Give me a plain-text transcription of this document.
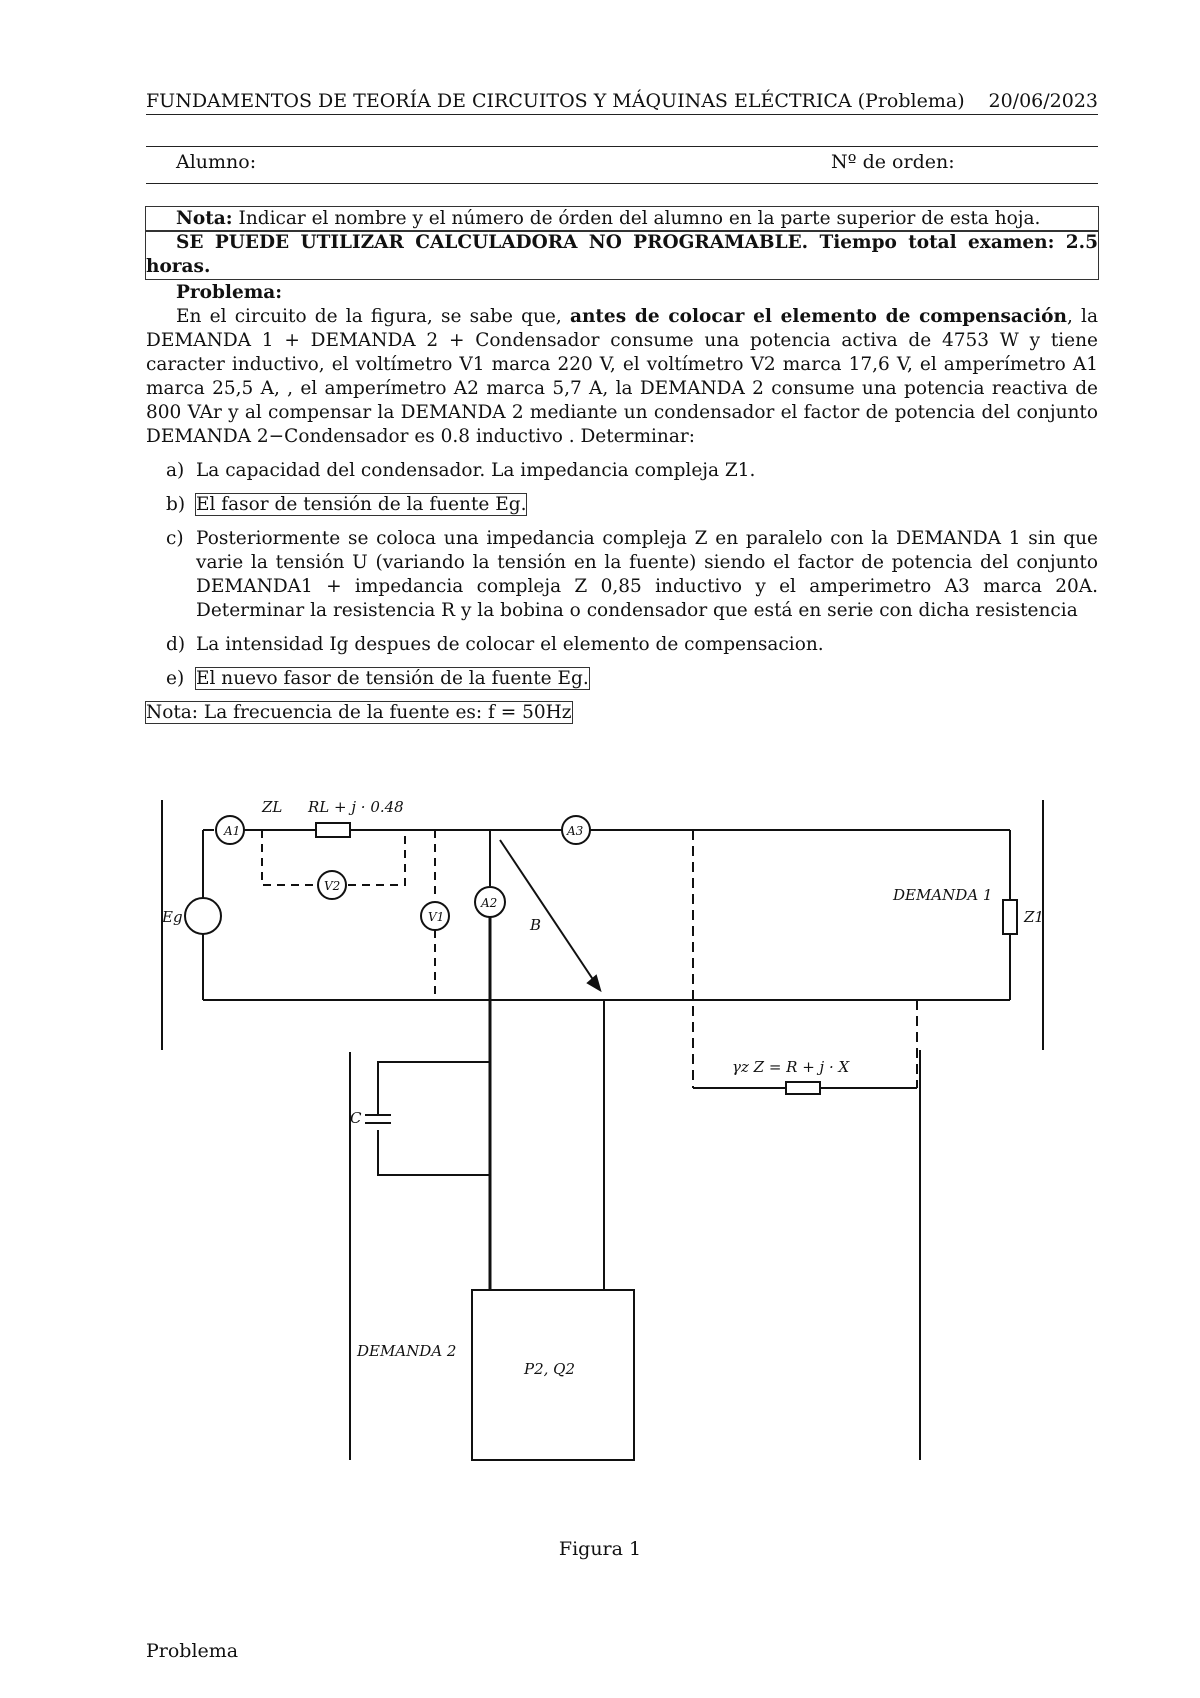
FUNDAMENTOS DE TEORÍA DE CIRCUITOS Y MÁQUINAS ELÉCTRICA (Problema) 20/06/2023
Alumno:	Nº de orden:

Nota: Indicar el nombre y el número de órden del alumno en la parte superior de esta hoja.

SE PUEDE UTILIZAR CALCULADORA NO PROGRAMABLE. Tiempo total examen: 2.5 horas.

Problema:

En el circuito de la figura, se sabe que, antes de colocar el elemento de compensación, la DEMANDA 1 + DEMANDA 2 + Condensador consume una potencia activa de 4753 W y tiene caracter inductivo, el voltímetro V1 marca 220 V, el voltímetro V2 marca 17,6 V, el amperímetro A1 marca 25,5 A, , el amperímetro A2 marca 5,7 A, la DEMANDA 2 consume una potencia reactiva de 800 VAr y al compensar la DEMANDA 2 mediante un condensador el factor de potencia del conjunto DEMANDA 2−Condensador es 0.8 inductivo . Determinar:

a) La capacidad del condensador. La impedancia compleja Z1.
b) El fasor de tensión de la fuente Eg.
c) Posteriormente se coloca una impedancia compleja Z en paralelo con la DEMANDA 1 sin que varie la tensión U (variando la tensión en la fuente) siendo el factor de potencia del conjunto DEMANDA1 + impedancia compleja Z 0,85 inductivo y el amperimetro A3 marca 20A. Determinar la resistencia R y la bobina o condensador que está en serie con dicha resistencia
d) La intensidad Ig despues de colocar el elemento de compensacion.
e) El nuevo fasor de tensión de la fuente Eg.

Nota: La frecuencia de la fuente es: f = 50Hz

Eg
A1
ZL RL + j · 0.48
V2
V1
A2
A3
B
DEMANDA 1
Z1
γz Z = R + j · X
C
DEMANDA 2
P2, Q2
Figura 1
Problema
